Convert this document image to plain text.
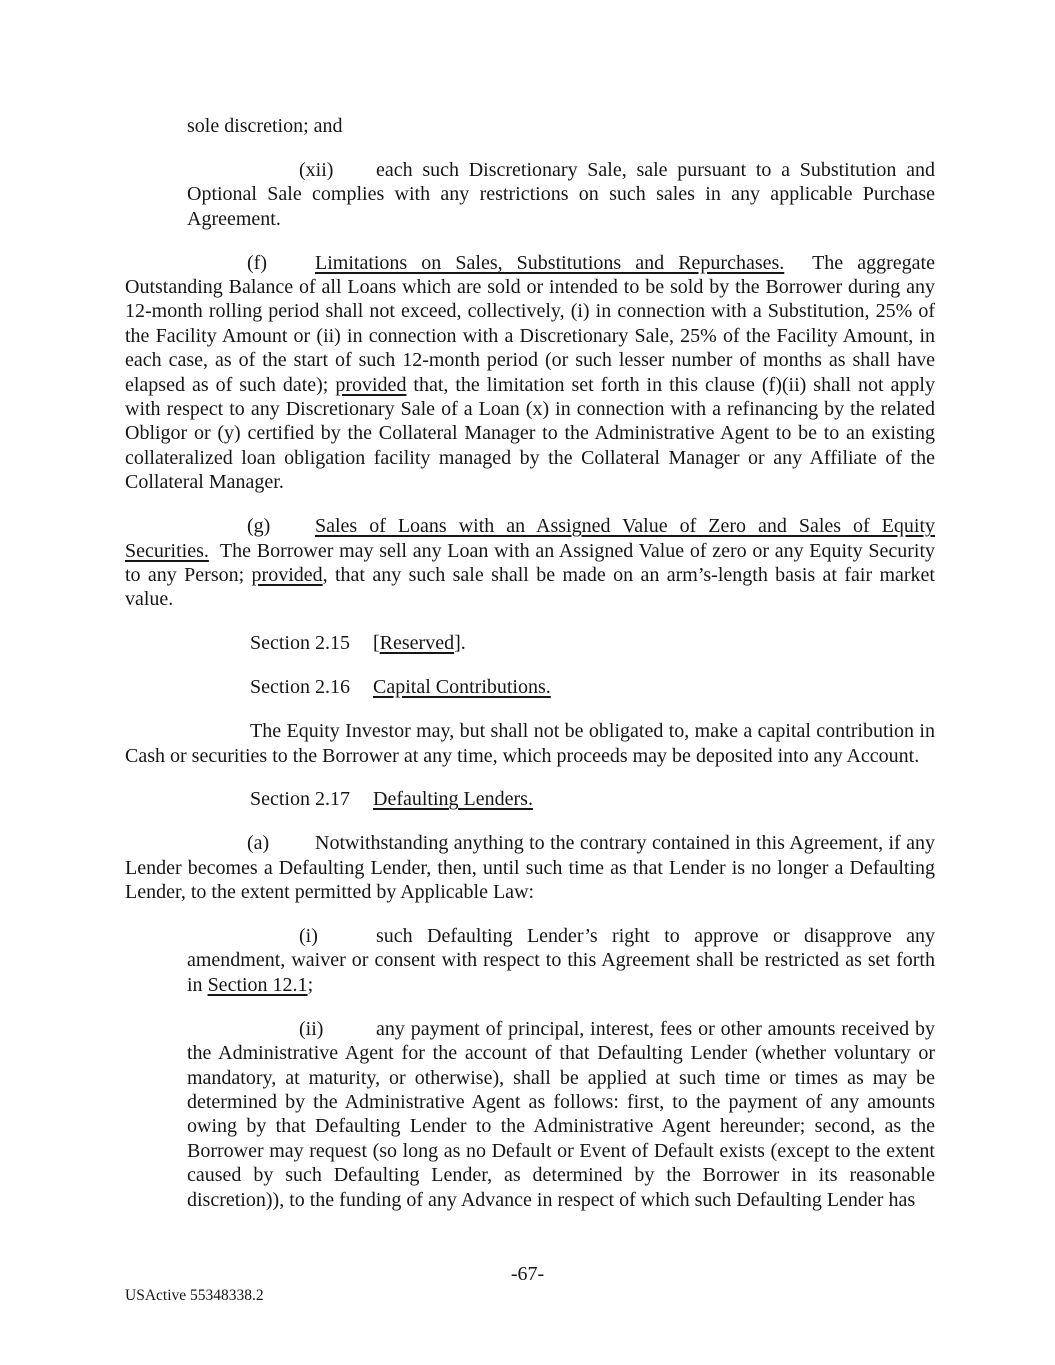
sole discretion; and

(xii) each such Discretionary Sale, sale pursuant to a Substitution and Optional Sale complies with any restrictions on such sales in any applicable Purchase Agreement.

(f) Limitations on Sales, Substitutions and Repurchases.  The aggregate Outstanding Balance of all Loans which are sold or intended to be sold by the Borrower during any 12-month rolling period shall not exceed, collectively, (i) in connection with a Substitution, 25% of the Facility Amount or (ii) in connection with a Discretionary Sale, 25% of the Facility Amount, in each case, as of the start of such 12-month period (or such lesser number of months as shall have elapsed as of such date); provided that, the limitation set forth in this clause (f)(ii) shall not apply with respect to any Discretionary Sale of a Loan (x) in connection with a refinancing by the related Obligor or (y) certified by the Collateral Manager to the Administrative Agent to be to an existing collateralized loan obligation facility managed by the Collateral Manager or any Affiliate of the Collateral Manager.

(g) Sales of Loans with an Assigned Value of Zero and Sales of Equity Securities.  The Borrower may sell any Loan with an Assigned Value of zero or any Equity Security to any Person; provided, that any such sale shall be made on an arm’s-length basis at fair market value.

Section 2.15 [Reserved].

Section 2.16 Capital Contributions.

The Equity Investor may, but shall not be obligated to, make a capital contribution in Cash or securities to the Borrower at any time, which proceeds may be deposited into any Account.

Section 2.17 Defaulting Lenders.

(a) Notwithstanding anything to the contrary contained in this Agreement, if any Lender becomes a Defaulting Lender, then, until such time as that Lender is no longer a Defaulting Lender, to the extent permitted by Applicable Law:

(i)	such Defaulting Lender’s right to approve or disapprove any amendment, waiver or consent with respect to this Agreement shall be restricted as set forth in Section 12.1;

(ii)	any payment of principal, interest, fees or other amounts received by the Administrative Agent for the account of that Defaulting Lender (whether voluntary or mandatory, at maturity, or otherwise), shall be applied at such time or times as may be determined by the Administrative Agent as follows: first, to the payment of any amounts owing by that Defaulting Lender to the Administrative Agent hereunder; second, as the Borrower may request (so long as no Default or Event of Default exists (except to the extent caused by such Defaulting Lender, as determined by the Borrower in its reasonable discretion)), to the funding of any Advance in respect of which such Defaulting Lender has

-67-
USActive 55348338.2
